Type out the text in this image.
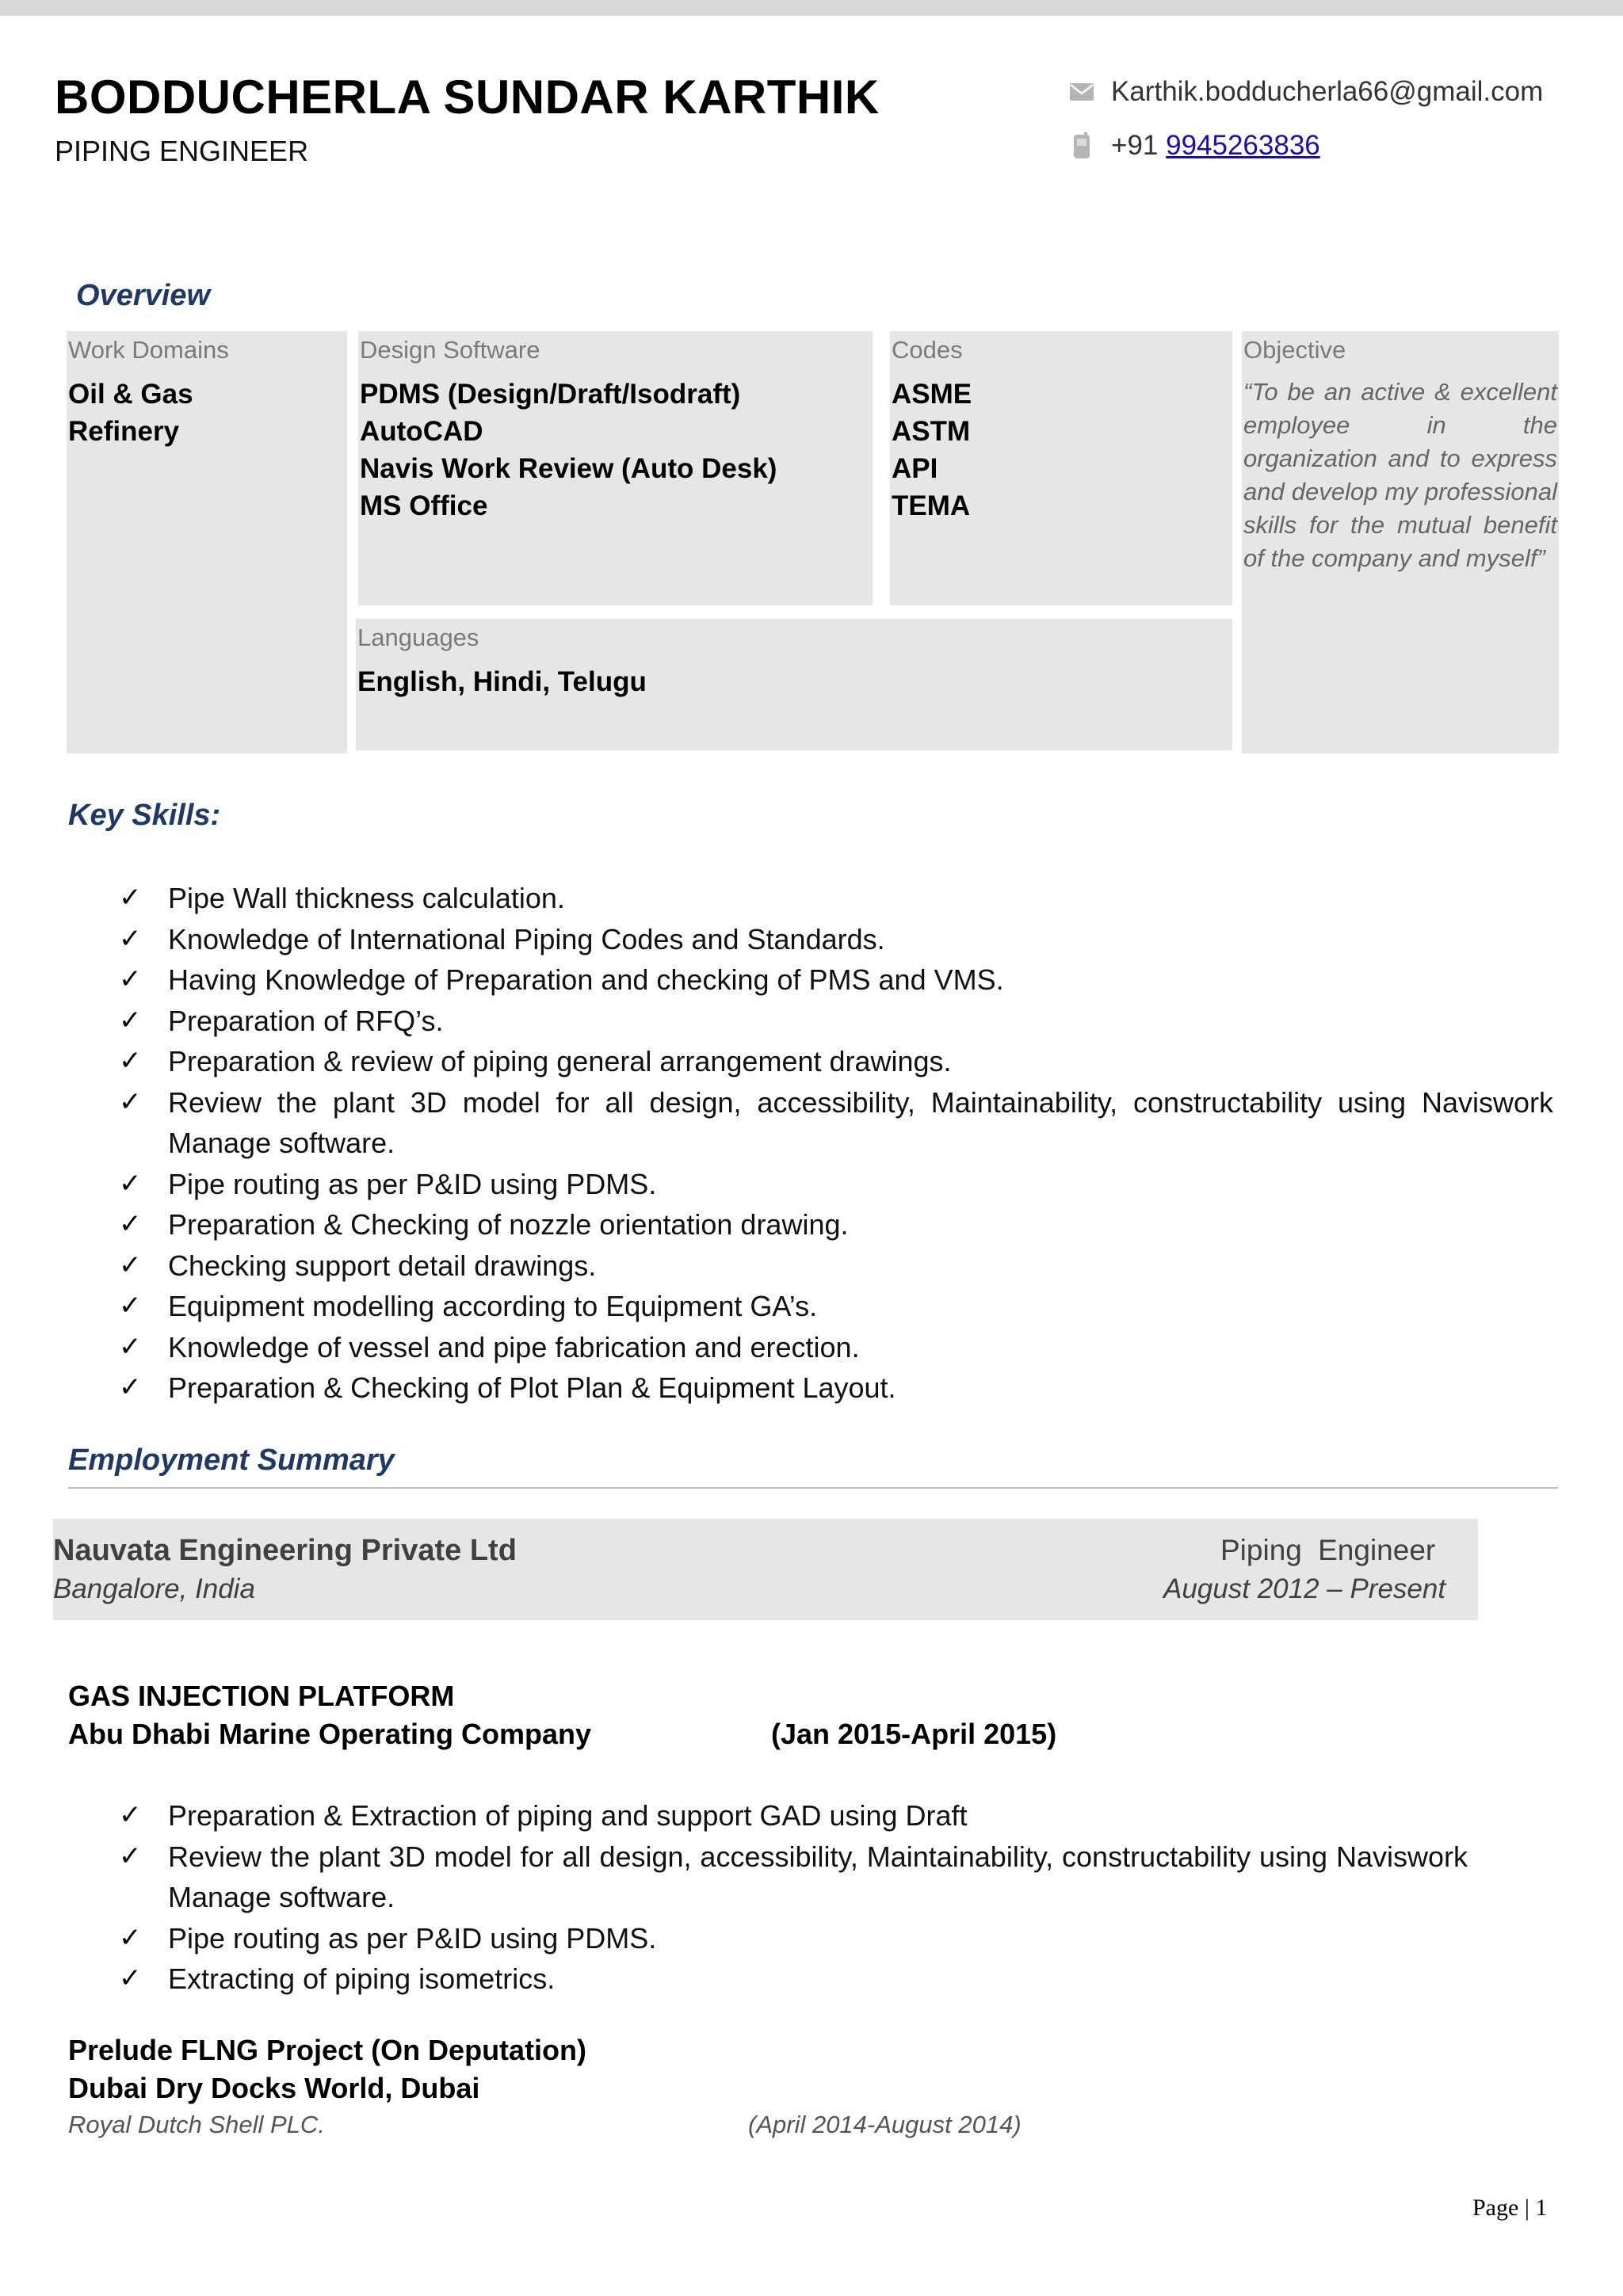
BODDUCHERLA SUNDAR KARTHIK
PIPING ENGINEER
Karthik.bodducherla66@gmail.com
+91
9945263836
Overview
Work Domains
Oil & Gas
Refinery
Design Software
PDMS (Design/Draft/Isodraft)
AutoCAD
Navis Work Review (Auto Desk)
MS Office
Codes
ASME
ASTM
API
TEMA
Objective
“To be an active & excellent employee in the organization and to express and develop my professional skills for the mutual benefit of the company and myself”
Languages
English, Hindi, Telugu
Key Skills:
✓ Pipe Wall thickness calculation.
✓ Knowledge of International Piping Codes and Standards.
✓ Having Knowledge of Preparation and checking of PMS and VMS.
✓ Preparation of RFQ’s.
✓ Preparation & review of piping general arrangement drawings.
✓ Review the plant 3D model for all design, accessibility, Maintainability, constructability using Naviswork Manage software.
✓ Pipe routing as per P&ID using PDMS.
✓ Preparation & Checking of nozzle orientation drawing.
✓ Checking support detail drawings.
✓ Equipment modelling according to Equipment GA’s.
✓ Knowledge of vessel and pipe fabrication and erection.
✓ Preparation & Checking of Plot Plan & Equipment Layout.
Employment Summary
Nauvata Engineering Private Ltd
Bangalore, India
Piping Engineer
August 2012 – Present
GAS INJECTION PLATFORM
Abu Dhabi Marine Operating Company	(Jan 2015-April 2015)
✓ Preparation & Extraction of piping and support GAD using Draft
✓ Review the plant 3D model for all design, accessibility, Maintainability, constructability using Naviswork Manage software.
✓ Pipe routing as per P&ID using PDMS.
✓ Extracting of piping isometrics.
Prelude FLNG Project (On Deputation)
Dubai Dry Docks World, Dubai
Royal Dutch Shell PLC.	(April 2014-August 2014)
Page | 1
